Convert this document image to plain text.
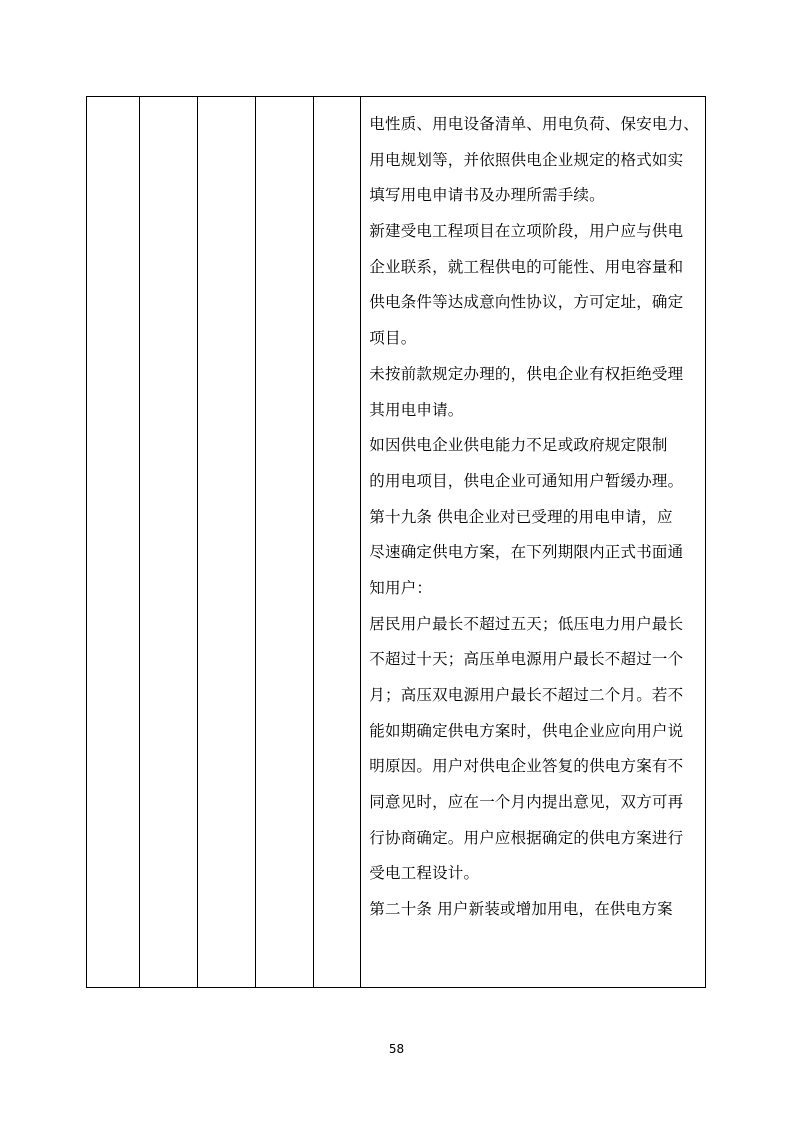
电性质、用电设备清单、用电负荷、保安电力、
用电规划等，并依照供电企业规定的格式如实
填写用电申请书及办理所需手续。
新建受电工程项目在立项阶段，用户应与供电
企业联系，就工程供电的可能性、用电容量和
供电条件等达成意向性协议，方可定址，确定
项目。
未按前款规定办理的，供电企业有权拒绝受理
其用电申请。
如因供电企业供电能力不足或政府规定限制
的用电项目，供电企业可通知用户暂缓办理。
第十九条 供电企业对已受理的用电申请，应
尽速确定供电方案，在下列期限内正式书面通
知用户：
居民用户最长不超过五天；低压电力用户最长
不超过十天；高压单电源用户最长不超过一个
月；高压双电源用户最长不超过二个月。若不
能如期确定供电方案时，供电企业应向用户说
明原因。用户对供电企业答复的供电方案有不
同意见时，应在一个月内提出意见，双方可再
行协商确定。用户应根据确定的供电方案进行
受电工程设计。
第二十条 用户新装或增加用电，在供电方案
58
